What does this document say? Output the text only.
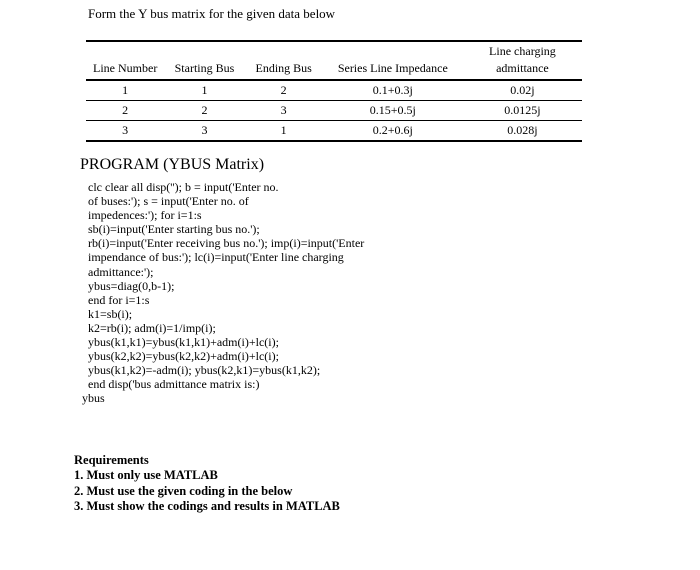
Form the Y bus matrix for the given data below
				Line charging
Line Number	Starting Bus	Ending Bus	Series Line Impedance	admittance
1	1	2	0.1+0.3j	0.02j
2	2	3	0.15+0.5j	0.0125j
3	3	1	0.2+0.6j	0.028j
PROGRAM (YBUS Matrix)
clc clear all disp(''); b = input('Enter no.
of buses:'); s = input('Enter no. of
impedences:'); for i=1:s
sb(i)=input('Enter starting bus no.');
rb(i)=input('Enter receiving bus no.'); imp(i)=input('Enter
impendance of bus:'); lc(i)=input('Enter line charging
admittance:');
ybus=diag(0,b-1);
end for i=1:s
k1=sb(i);
k2=rb(i); adm(i)=1/imp(i);
ybus(k1,k1)=ybus(k1,k1)+adm(i)+lc(i);
ybus(k2,k2)=ybus(k2,k2)+adm(i)+lc(i);
ybus(k1,k2)=-adm(i); ybus(k2,k1)=ybus(k1,k2);
end disp('bus admittance matrix is:)
ybus
Requirements
1. Must only use MATLAB
2. Must use the given coding in the below
3. Must show the codings and results in MATLAB
